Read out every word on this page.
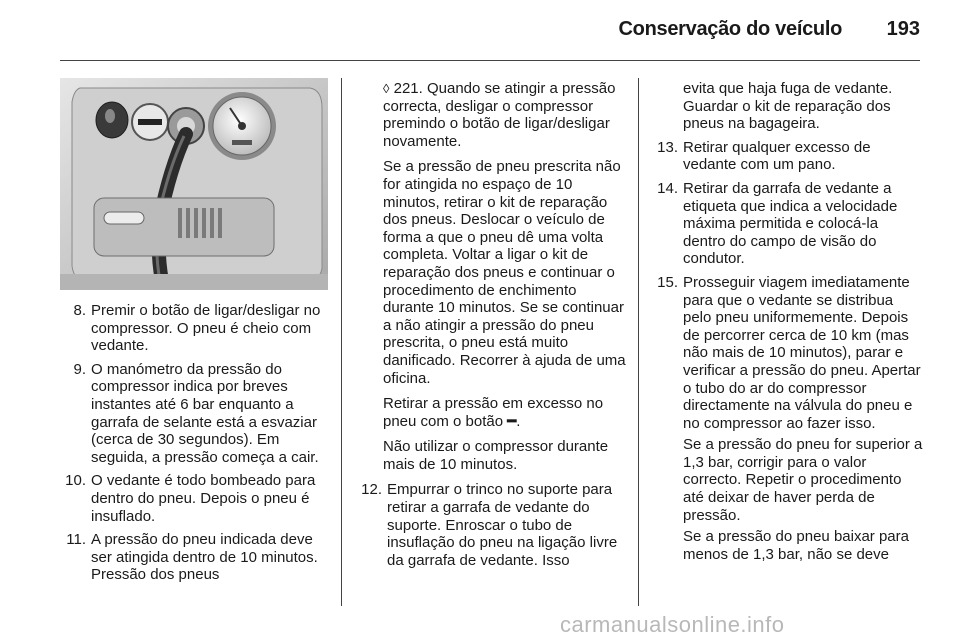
Conservação do veículo 193
8. Premir o botão de ligar/desligar no compressor. O pneu é cheio com vedante.
9. O manómetro da pressão do compressor indica por breves instantes até 6 bar enquanto a garrafa de selante está a esvaziar (cerca de 30 segundos). Em seguida, a pressão começa a cair.
10. O vedante é todo bombeado para dentro do pneu. Depois o pneu é insuflado.
11. A pressão do pneu indicada deve ser atingida dentro de 10 minutos. Pressão dos pneus

◊ 221. Quando se atingir a pressão correcta, desligar o compressor premindo o botão de ligar/desligar novamente.

Se a pressão de pneu prescrita não for atingida no espaço de 10 minutos, retirar o kit de reparação dos pneus. Deslocar o veículo de forma a que o pneu dê uma volta completa. Voltar a ligar o kit de reparação dos pneus e continuar o procedimento de enchimento durante 10 minutos. Se se continuar a não atingir a pressão do pneu prescrita, o pneu está muito danificado. Recorrer à ajuda de uma oficina.

Retirar a pressão em excesso no pneu com o botão ━.

Não utilizar o compressor durante mais de 10 minutos.

12. Empurrar o trinco no suporte para retirar a garrafa de vedante do suporte. Enroscar o tubo de insuflação do pneu na ligação livre da garrafa de vedante. Isso

evita que haja fuga de vedante. Guardar o kit de reparação dos pneus na bagageira.

13. Retirar qualquer excesso de vedante com um pano.
14. Retirar da garrafa de vedante a etiqueta que indica a velocidade máxima permitida e colocá-la dentro do campo de visão do condutor.
15. Prosseguir viagem imediatamente para que o vedante se distribua pelo pneu uniformemente. Depois de percorrer cerca de 10 km (mas não mais de 10 minutos), parar e verificar a pressão do pneu. Apertar o tubo do ar do compressor directamente na válvula do pneu e no compressor ao fazer isso.
Se a pressão do pneu for superior a 1,3 bar, corrigir para o valor correcto. Repetir o procedimento até deixar de haver perda de pressão.
Se a pressão do pneu baixar para menos de 1,3 bar, não se deve
carmanualsonline.info
